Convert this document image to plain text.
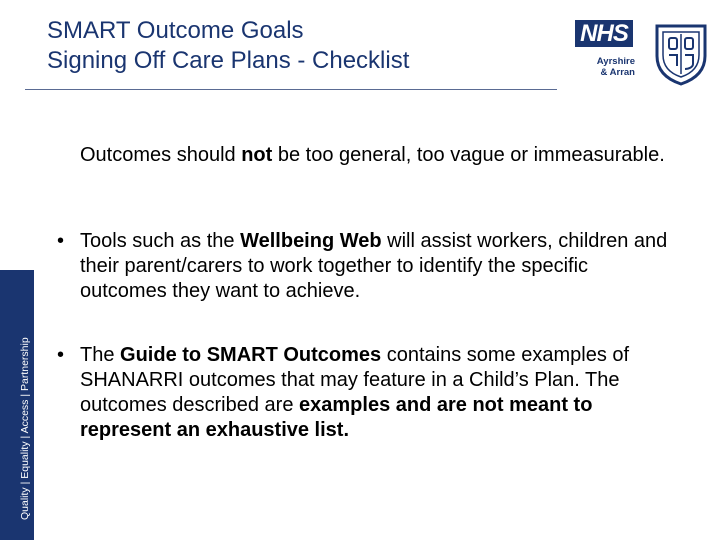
SMART Outcome Goals
Signing Off Care Plans - Checklist
NHS
Ayrshire
& Arran
Quality | Equality | Access | Partnership
Outcomes should not be too general, too vague or immeasurable.
• Tools such as the Wellbeing Web will assist workers, children and their parent/carers to work together to identify the specific outcomes they want to achieve.
• The Guide to SMART Outcomes contains some examples of SHANARRI outcomes that may feature in a Child’s Plan. The outcomes described are examples and are not meant to represent an exhaustive list.
